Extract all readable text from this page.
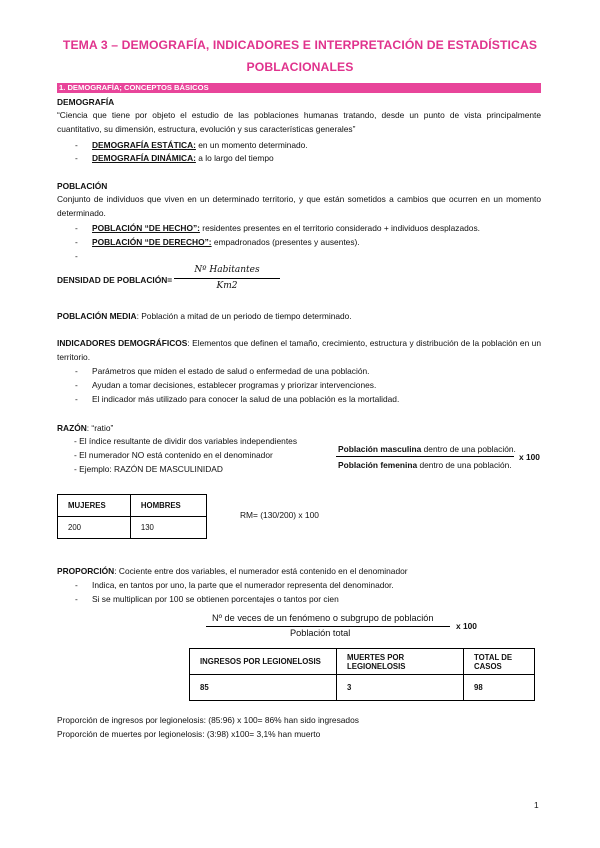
TEMA 3 – DEMOGRAFÍA, INDICADORES E INTERPRETACIÓN DE ESTADÍSTICAS
POBLACIONALES
1. DEMOGRAFÍA; CONCEPTOS BÁSICOS
DEMOGRAFÍA
“Ciencia que tiene por objeto el estudio de las poblaciones humanas tratando, desde un punto de vista principalmente cuantitativo, su dimensión, estructura, evolución y sus características generales”
-	DEMOGRAFÍA ESTÁTICA: en un momento determinado.
-	DEMOGRAFÍA DINÁMICA: a lo largo del tiempo
POBLACIÓN
Conjunto de individuos que viven en un determinado territorio, y que están sometidos a cambios que ocurren en un momento determinado.
-	POBLACIÓN “DE HECHO”: residentes presentes en el territorio considerado + individuos desplazados.
-	POBLACIÓN “DE DERECHO”: empadronados (presentes y ausentes).
-
DENSIDAD DE POBLACIÓN=
Nº Habitantes
Km2
POBLACIÓN MEDIA: Población a mitad de un periodo de tiempo determinado.
INDICADORES DEMOGRÁFICOS: Elementos que definen el tamaño, crecimiento, estructura y distribución de la población en un territorio.
-	Parámetros que miden el estado de salud o enfermedad de una población.
-	Ayudan a tomar decisiones, establecer programas y priorizar intervenciones.
-	El indicador más utilizado para conocer la salud de una población es la mortalidad.
RAZÓN: “ratio”
- El índice resultante de dividir dos variables independientes
- El numerador NO está contenido en el denominador
- Ejemplo: RAZÓN DE MASCULINIDAD
Población masculina dentro de una población.
Población femenina dentro de una población.
x 100
MUJERES	HOMBRES
200	130
RM= (130/200) x 100
PROPORCIÓN: Cociente entre dos variables, el numerador está contenido en el denominador
-	Indica, en tantos por uno, la parte que el numerador representa del denominador.
-	Si se multiplican por 100 se obtienen porcentajes o tantos por cien
Nº de veces de un fenómeno o subgrupo de población
Población total
x 100
INGRESOS POR LEGIONELOSIS	MUERTES POR LEGIONELOSIS	TOTAL DE CASOS
85	3	98
Proporción de ingresos por legionelosis: (85:96) x 100= 86% han sido ingresados
Proporción de muertes por legionelosis: (3:98) x100= 3,1% han muerto
1
